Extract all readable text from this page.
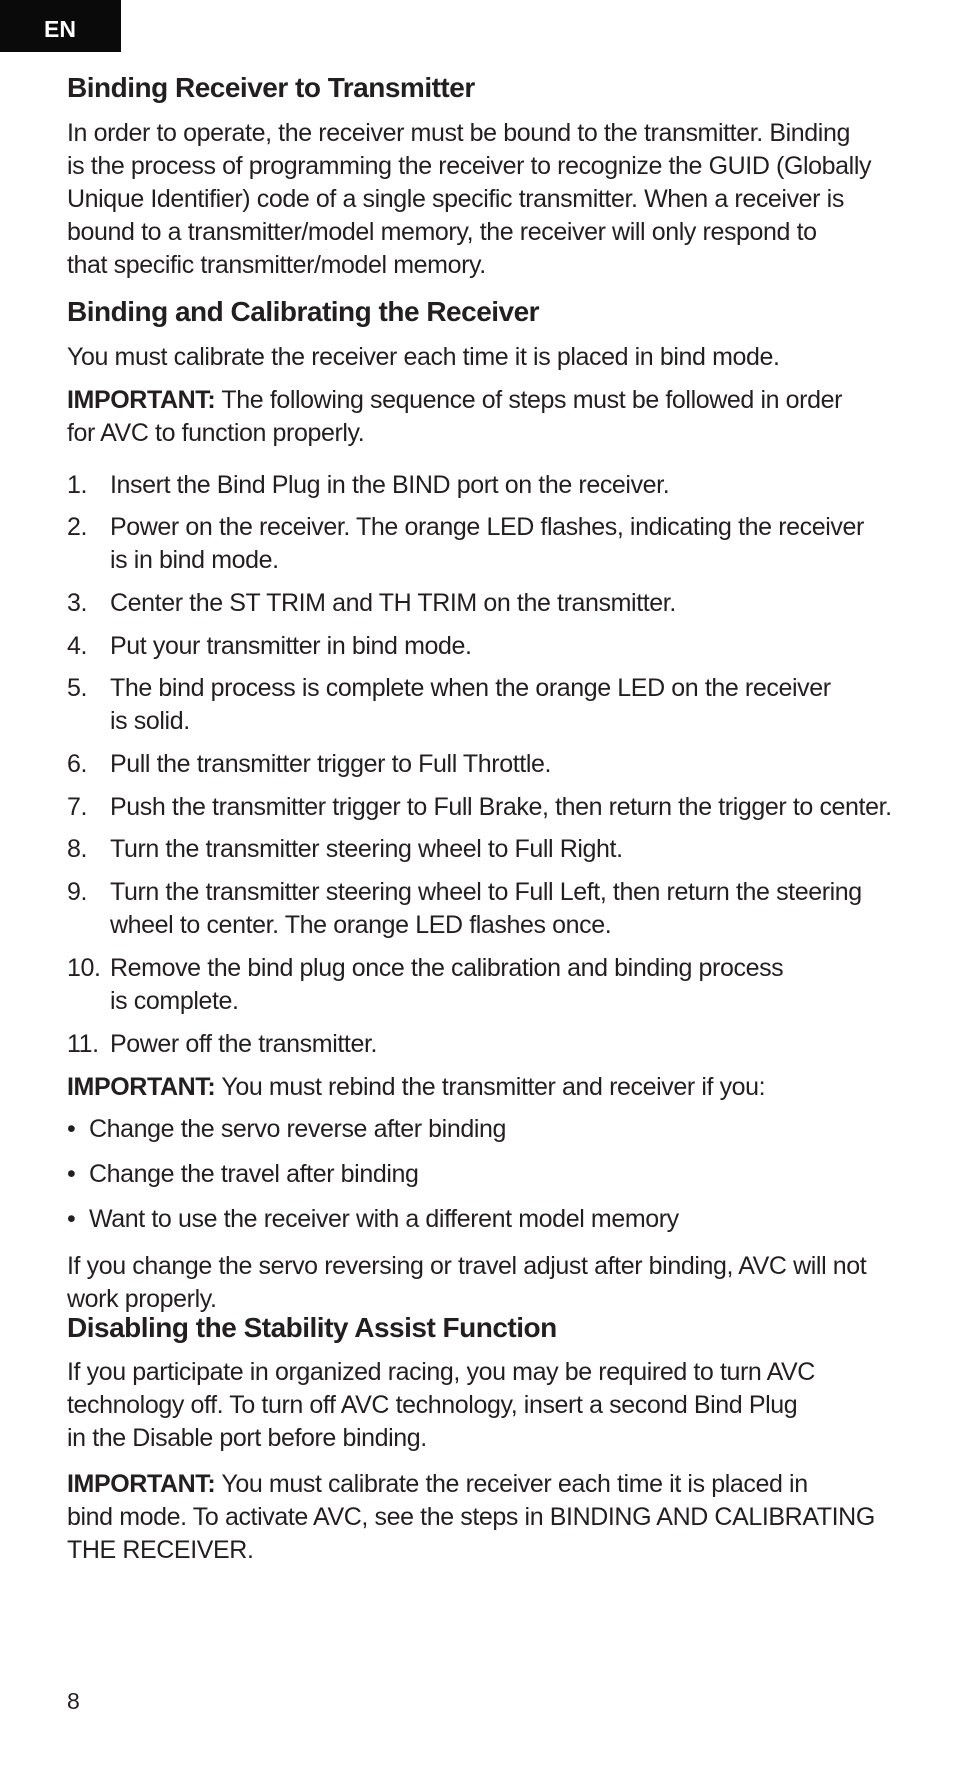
EN
Binding Receiver to Transmitter
In order to operate, the receiver must be bound to the transmitter. Binding
is the process of programming the receiver to recognize the GUID (Globally
Unique Identifier) code of a single specific transmitter. When a receiver is
bound to a transmitter/model memory, the receiver will only respond to
that specific transmitter/model memory.
Binding and Calibrating the Receiver
You must calibrate the receiver each time it is placed in bind mode.
IMPORTANT: The following sequence of steps must be followed in order
for AVC to function properly.
1. Insert the Bind Plug in the BIND port on the receiver.
2. Power on the receiver. The orange LED flashes, indicating the receiver
is in bind mode.
3. Center the ST TRIM and TH TRIM on the transmitter.
4. Put your transmitter in bind mode.
5. The bind process is complete when the orange LED on the receiver
is solid.
6. Pull the transmitter trigger to Full Throttle.
7. Push the transmitter trigger to Full Brake, then return the trigger to center.
8. Turn the transmitter steering wheel to Full Right.
9. Turn the transmitter steering wheel to Full Left, then return the steering
wheel to center. The orange LED flashes once.
10. Remove the bind plug once the calibration and binding process
is complete.
11. Power off the transmitter.
IMPORTANT: You must rebind the transmitter and receiver if you:
• Change the servo reverse after binding
• Change the travel after binding
• Want to use the receiver with a different model memory
If you change the servo reversing or travel adjust after binding, AVC will not
work properly.
Disabling the Stability Assist Function
If you participate in organized racing, you may be required to turn AVC
technology off. To turn off AVC technology, insert a second Bind Plug
in the Disable port before binding.
IMPORTANT: You must calibrate the receiver each time it is placed in
bind mode. To activate AVC, see the steps in BINDING AND CALIBRATING
THE RECEIVER.
8
